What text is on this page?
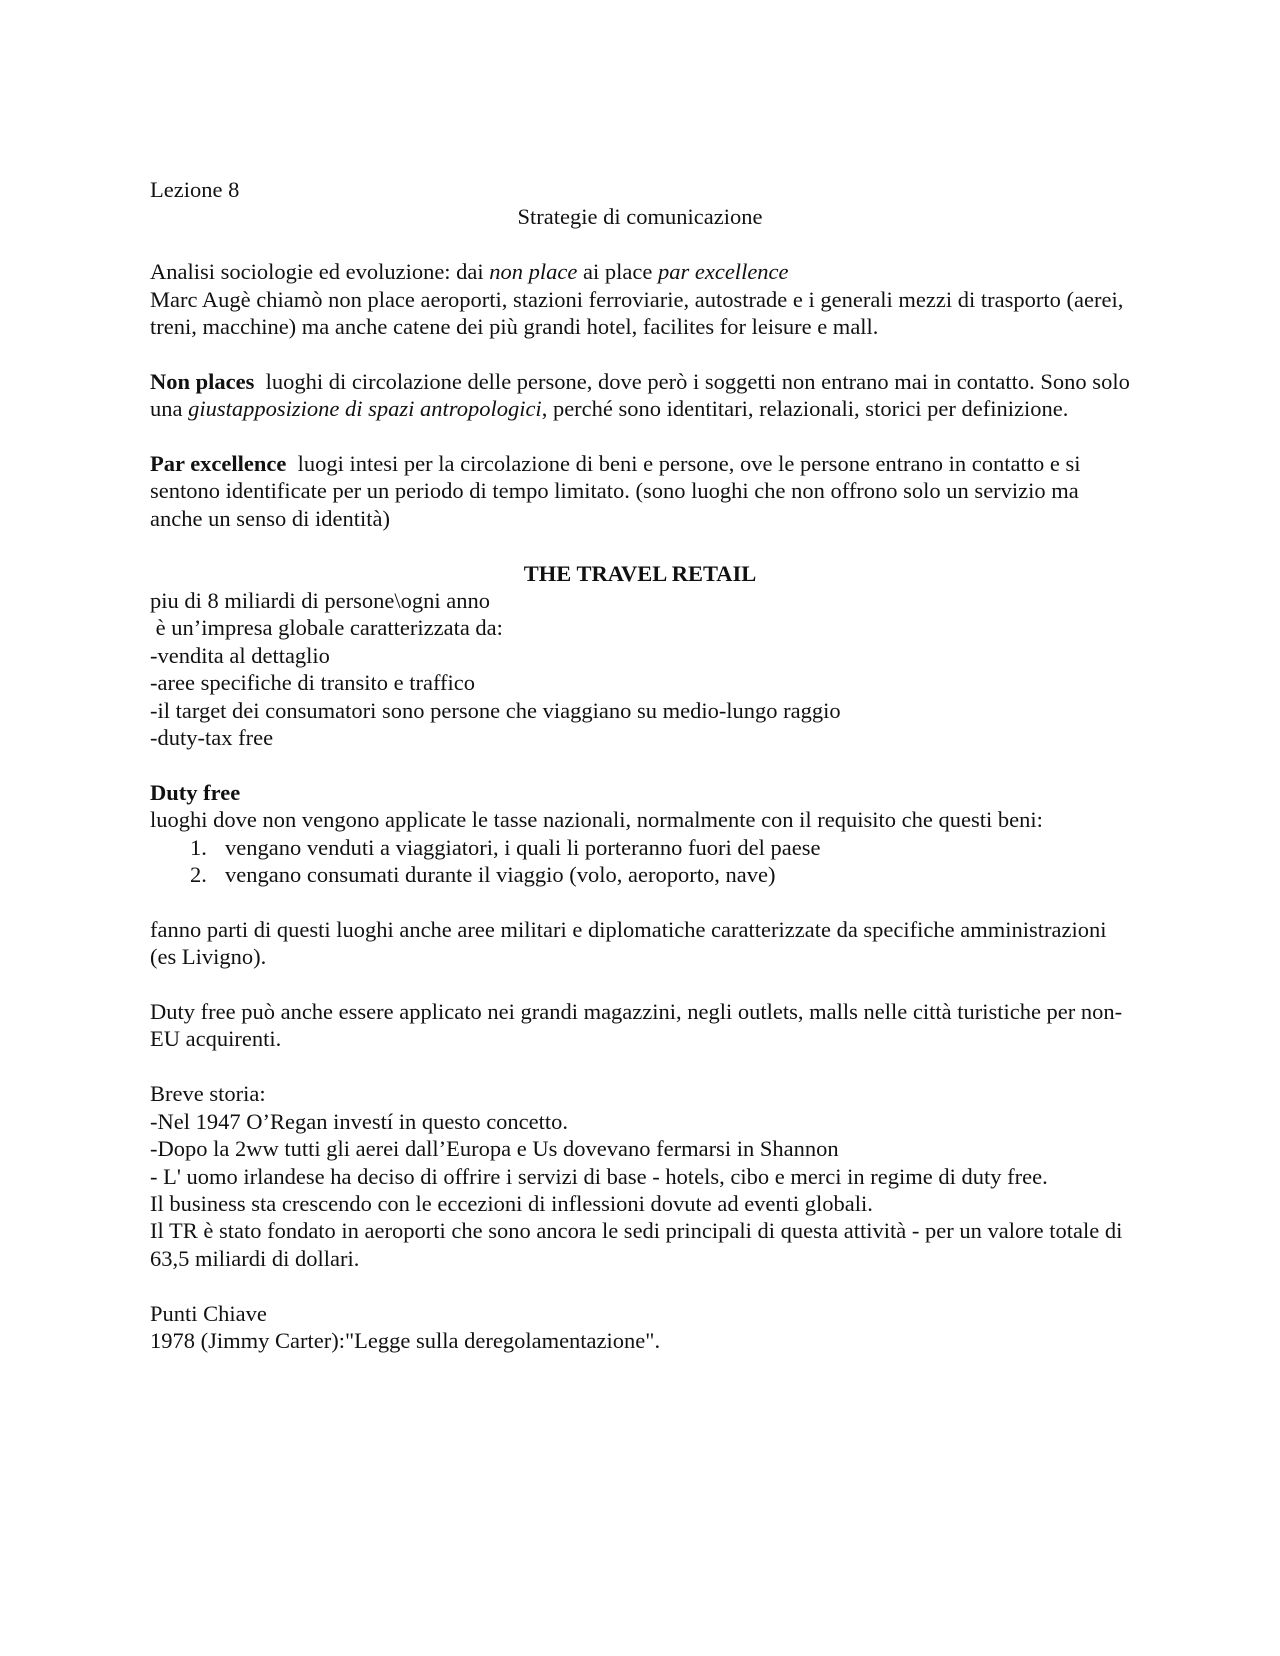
Lezione 8
Strategie di comunicazione
Analisi sociologie ed evoluzione: dai non place ai place par excellence
Marc Augè chiamò non place aeroporti, stazioni ferroviarie, autostrade e i generali mezzi di trasporto (aerei, treni, macchine) ma anche catene dei più grandi hotel, facilites for leisure e mall.
Non places  luoghi di circolazione delle persone, dove però i soggetti non entrano mai in contatto. Sono solo una giustapposizione di spazi antropologici, perché sono identitari, relazionali, storici per definizione.
Par excellence  luogi intesi per la circolazione di beni e persone, ove le persone entrano in contatto e si sentono identificate per un periodo di tempo limitato. (sono luoghi che non offrono solo un servizio ma anche un senso di identità)
THE TRAVEL RETAIL
piu di 8 miliardi di persone\ogni anno
è un’impresa globale caratterizzata da:
-vendita al dettaglio
-aree specifiche di transito e traffico
-il target dei consumatori sono persone che viaggiano su medio-lungo raggio
-duty-tax free
Duty free
luoghi dove non vengono applicate le tasse nazionali, normalmente con il requisito che questi beni:
1. vengano venduti a viaggiatori, i quali li porteranno fuori del paese
2. vengano consumati durante il viaggio (volo, aeroporto, nave)
fanno parti di questi luoghi anche aree militari e diplomatiche caratterizzate da specifiche amministrazioni (es Livigno).
Duty free può anche essere applicato nei grandi magazzini, negli outlets, malls nelle città turistiche per non-EU acquirenti.
Breve storia:
-Nel 1947 O’Regan investí in questo concetto.
-Dopo la 2ww tutti gli aerei dall’Europa e Us dovevano fermarsi in Shannon
- L' uomo irlandese ha deciso di offrire i servizi di base - hotels, cibo e merci in regime di duty free.
Il business sta crescendo con le eccezioni di inflessioni dovute ad eventi globali.
Il TR è stato fondato in aeroporti che sono ancora le sedi principali di questa attività - per un valore totale di 63,5 miliardi di dollari.
Punti Chiave
1978 (Jimmy Carter):"Legge sulla deregolamentazione".
